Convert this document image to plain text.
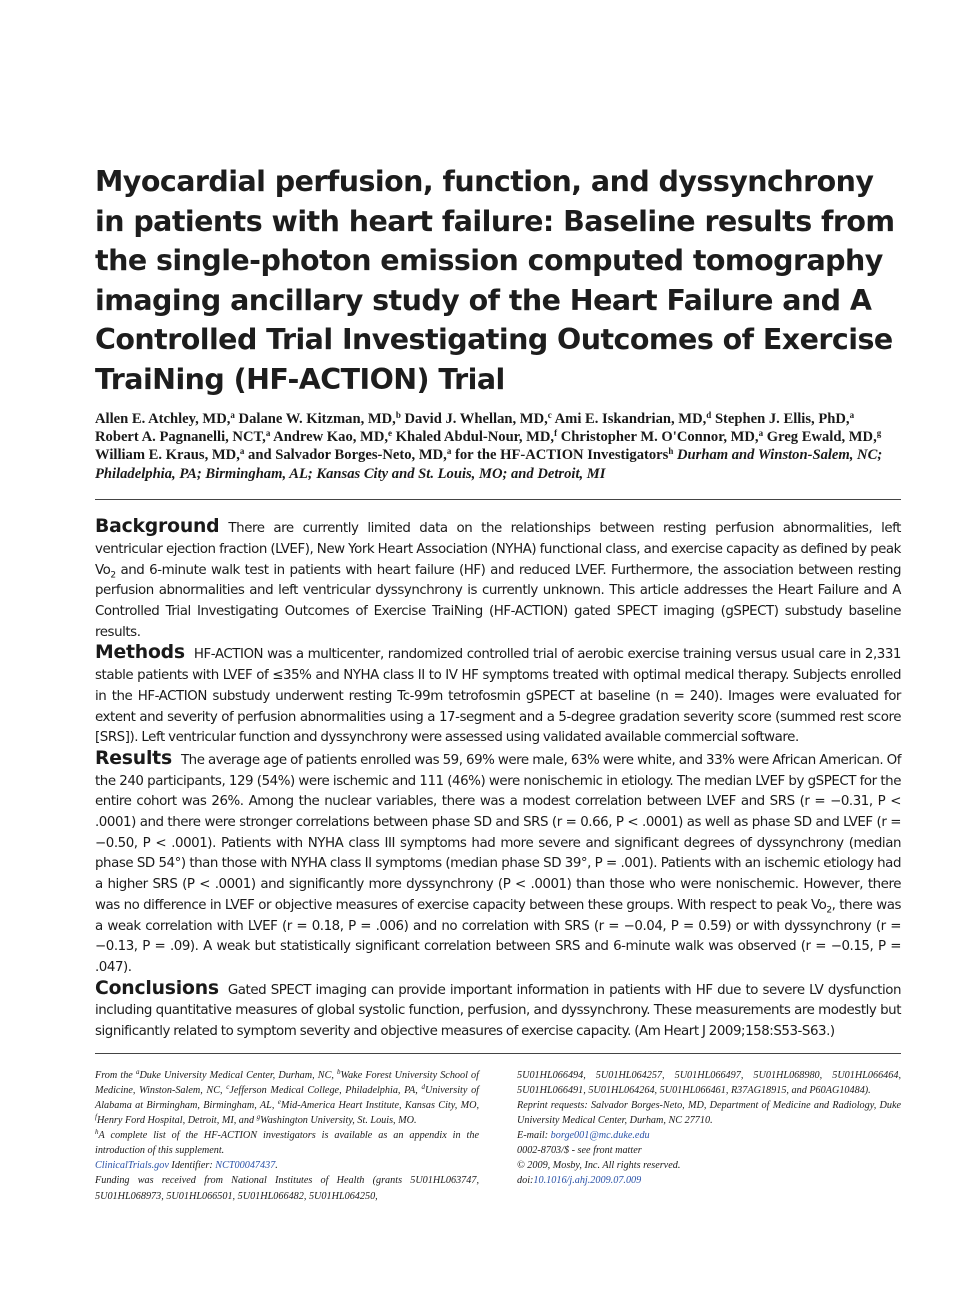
Myocardial perfusion, function, and dyssynchrony in patients with heart failure: Baseline results from the single-photon emission computed tomography imaging ancillary study of the Heart Failure and A Controlled Trial Investigating Outcomes of Exercise TraiNing (HF-ACTION) Trial
Allen E. Atchley, MD,$^a$ Dalane W. Kitzman, MD,$^b$ David J. Whellan, MD,$^c$ Ami E. Iskandrian, MD,$^d$ Stephen J. Ellis, PhD,$^a$ Robert A. Pagnanelli, NCT,$^a$ Andrew Kao, MD,$^e$ Khaled Abdul-Nour, MD,$^f$ Christopher M. O'Connor, MD,$^a$ Greg Ewald, MD,$^g$ William E. Kraus, MD,$^a$ and Salvador Borges-Neto, MD,$^a$ for the HF-ACTION Investigators$^h$ Durham and Winston-Salem, NC; Philadelphia, PA; Birmingham, AL; Kansas City and St. Louis, MO; and Detroit, MI

Background There are currently limited data on the relationships between resting perfusion abnormalities, left ventricular ejection fraction (LVEF), New York Heart Association (NYHA) functional class, and exercise capacity as defined by peak $Vo_2$ and 6-minute walk test in patients with heart failure (HF) and reduced LVEF. Furthermore, the association between resting perfusion abnormalities and left ventricular dyssynchrony is currently unknown. This article addresses the Heart Failure and A Controlled Trial Investigating Outcomes of Exercise TraiNing (HF-ACTION) gated SPECT imaging (gSPECT) substudy baseline results.

Methods HF-ACTION was a multicenter, randomized controlled trial of aerobic exercise training versus usual care in 2,331 stable patients with LVEF of ≤35% and NYHA class II to IV HF symptoms treated with optimal medical therapy. Subjects enrolled in the HF-ACTION substudy underwent resting Tc-99m tetrofosmin gSPECT at baseline (n = 240). Images were evaluated for extent and severity of perfusion abnormalities using a 17-segment and a 5-degree gradation severity score (summed rest score [SRS]). Left ventricular function and dyssynchrony were assessed using validated available commercial software.

Results The average age of patients enrolled was 59, 69% were male, 63% were white, and 33% were African American. Of the 240 participants, 129 (54%) were ischemic and 111 (46%) were nonischemic in etiology. The median LVEF by gSPECT for the entire cohort was 26%. Among the nuclear variables, there was a modest correlation between LVEF and SRS (r = −0.31, P < .0001) and there were stronger correlations between phase SD and SRS (r = 0.66, P < .0001) as well as phase SD and LVEF (r = −0.50, P < .0001). Patients with NYHA class III symptoms had more severe and significant degrees of dyssynchrony (median phase SD 54°) than those with NYHA class II symptoms (median phase SD 39°, P = .001). Patients with an ischemic etiology had a higher SRS (P < .0001) and significantly more dyssynchrony (P < .0001) than those who were nonischemic. However, there was no difference in LVEF or objective measures of exercise capacity between these groups. With respect to peak $Vo_2$, there was a weak correlation with LVEF (r = 0.18, P = .006) and no correlation with SRS (r = −0.04, P = 0.59) or with dyssynchrony (r = −0.13, P = .09). A weak but statistically significant correlation between SRS and 6-minute walk was observed (r = −0.15, P = .047).

Conclusions Gated SPECT imaging can provide important information in patients with HF due to severe LV dysfunction including quantitative measures of global systolic function, perfusion, and dyssynchrony. These measurements are modestly but significantly related to symptom severity and objective measures of exercise capacity. (Am Heart J 2009;158:S53-S63.)

From the $^a$Duke University Medical Center, Durham, NC, $^b$Wake Forest University School of Medicine, Winston-Salem, NC, $^c$Jefferson Medical College, Philadelphia, PA, $^d$University of Alabama at Birmingham, Birmingham, AL, $^e$Mid-America Heart Institute, Kansas City, MO, $^f$Henry Ford Hospital, Detroit, MI, and $^g$Washington University, St. Louis, MO.

$^h$A complete list of the HF-ACTION investigators is available as an appendix in the introduction of this supplement.

ClinicalTrials.gov Identifier: NCT00047437.

Funding was received from National Institutes of Health (grants 5U01HL063747, 5U01HL068973, 5U01HL066501, 5U01HL066482, 5U01HL064250,

5U01HL066494, 5U01HL064257, 5U01HL066497, 5U01HL068980, 5U01HL066464, 5U01HL066491, 5U01HL064264, 5U01HL066461, R37AG18915, and P60AG10484).

Reprint requests: Salvador Borges-Neto, MD, Department of Medicine and Radiology, Duke University Medical Center, Durham, NC 27710.

E-mail: borge001@mc.duke.edu

0002-8703/$ - see front matter

© 2009, Mosby, Inc. All rights reserved.

doi:10.1016/j.ahj.2009.07.009
